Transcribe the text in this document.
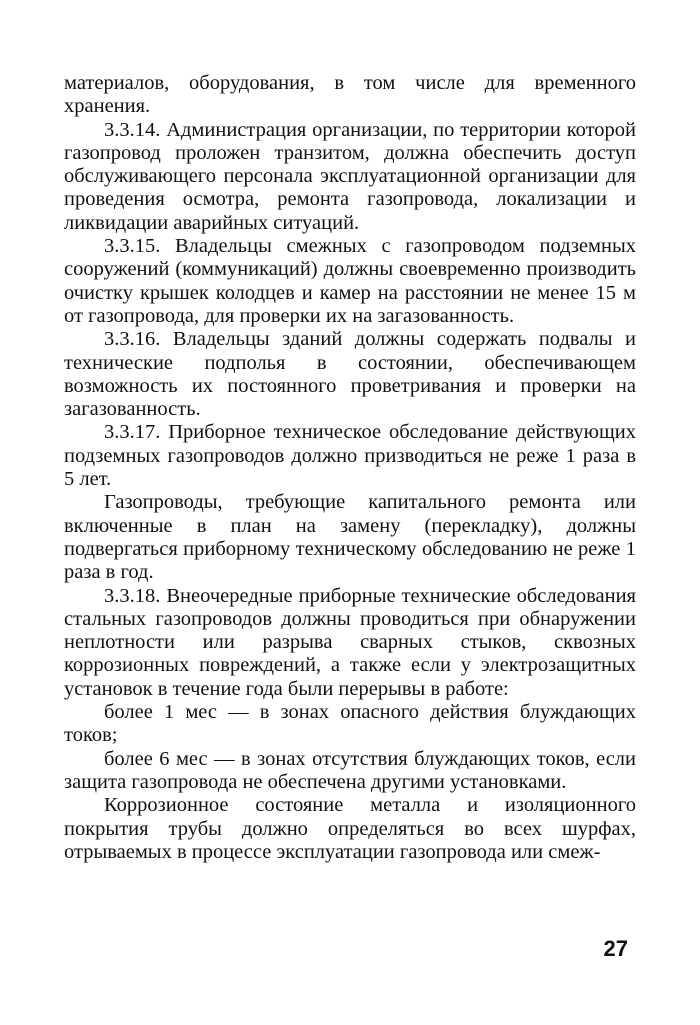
материалов, оборудования, в том числе для временного хранения.

3.3.14. Администрация организации, по территории которой газопровод проложен транзитом, должна обеспечить доступ обслуживающего персонала эксплуатационной организации для проведения осмотра, ремонта газопровода, локализации и ликвидации аварийных ситуаций.

3.3.15. Владельцы смежных с газопроводом подземных сооружений (коммуникаций) должны своевременно производить очистку крышек колодцев и камер на расстоянии не менее 15 м от газопровода, для проверки их на загазованность.

3.3.16. Владельцы зданий должны содержать подвалы и технические подполья в состоянии, обеспечивающем возможность их постоянного проветривания и проверки на загазованность.

3.3.17. Приборное техническое обследование действующих подземных газопроводов должно призводиться не реже 1 раза в 5 лет.

Газопроводы, требующие капитального ремонта или включенные в план на замену (перекладку), должны подвергаться приборному техническому обследованию не реже 1 раза в год.

3.3.18. Внеочередные приборные технические обследования стальных газопроводов должны проводиться при обнаружении неплотности или разрыва сварных стыков, сквозных коррозионных повреждений, а также если у электрозащитных установок в течение года были перерывы в работе:

более 1 мес — в зонах опасного действия блуждающих токов;

более 6 мес — в зонах отсутствия блуждающих токов, если защита газопровода не обеспечена другими установками.

Коррозионное состояние металла и изоляционного покрытия трубы должно определяться во всех шурфах, отрываемых в процессе эксплуатации газопровода или смеж-

27
